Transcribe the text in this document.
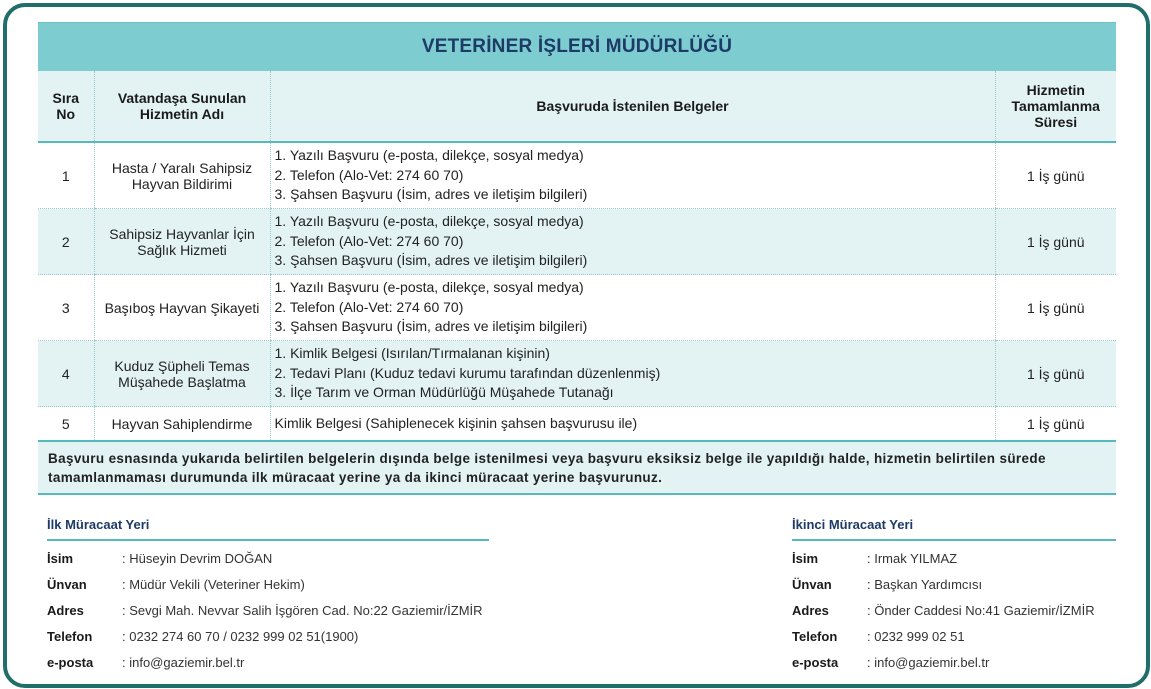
VETERİNER İŞLERİ MÜDÜRLÜĞÜ
Sıra No	Vatandaşa Sunulan Hizmetin Adı	Başvuruda İstenilen Belgeler	Hizmetin Tamamlanma Süresi
1	Hasta / Yaralı Sahipsiz Hayvan Bildirimi	1. Yazılı Başvuru (e-posta, dilekçe, sosyal medya)
2. Telefon (Alo-Vet: 274 60 70)
3. Şahsen Başvuru (İsim, adres ve iletişim bilgileri)	1 İş günü
2	Sahipsiz Hayvanlar İçin Sağlık Hizmeti	1. Yazılı Başvuru (e-posta, dilekçe, sosyal medya)
2. Telefon (Alo-Vet: 274 60 70)
3. Şahsen Başvuru (İsim, adres ve iletişim bilgileri)	1 İş günü
3	Başıboş Hayvan Şikayeti	1. Yazılı Başvuru (e-posta, dilekçe, sosyal medya)
2. Telefon (Alo-Vet: 274 60 70)
3. Şahsen Başvuru (İsim, adres ve iletişim bilgileri)	1 İş günü
4	Kuduz Şüpheli Temas Müşahede Başlatma	1. Kimlik Belgesi (Isırılan/Tırmalanan kişinin)
2. Tedavi Planı (Kuduz tedavi kurumu tarafından düzenlenmiş)
3. İlçe Tarım ve Orman Müdürlüğü Müşahede Tutanağı	1 İş günü
5	Hayvan Sahiplendirme	Kimlik Belgesi (Sahiplenecek kişinin şahsen başvurusu ile)	1 İş günü
Başvuru esnasında yukarıda belirtilen belgelerin dışında belge istenilmesi veya başvuru eksiksiz belge ile yapıldığı halde, hizmetin belirtilen sürede tamamlanmaması durumunda ilk müracaat yerine ya da ikinci müracaat yerine başvurunuz.
İlk Müracaat Yeri
İsim	: Hüseyin Devrim DOĞAN
Ünvan	: Müdür Vekili (Veteriner Hekim)
Adres	: Sevgi Mah. Nevvar Salih İşgören Cad. No:22 Gaziemir/İZMİR
Telefon	: 0232 274 60 70 / 0232 999 02 51(1900)
e-posta	: info@gaziemir.bel.tr
İkinci Müracaat Yeri
İsim	: Irmak YILMAZ
Ünvan	: Başkan Yardımcısı
Adres	: Önder Caddesi No:41 Gaziemir/İZMİR
Telefon	: 0232 999 02 51
e-posta	: info@gaziemir.bel.tr
